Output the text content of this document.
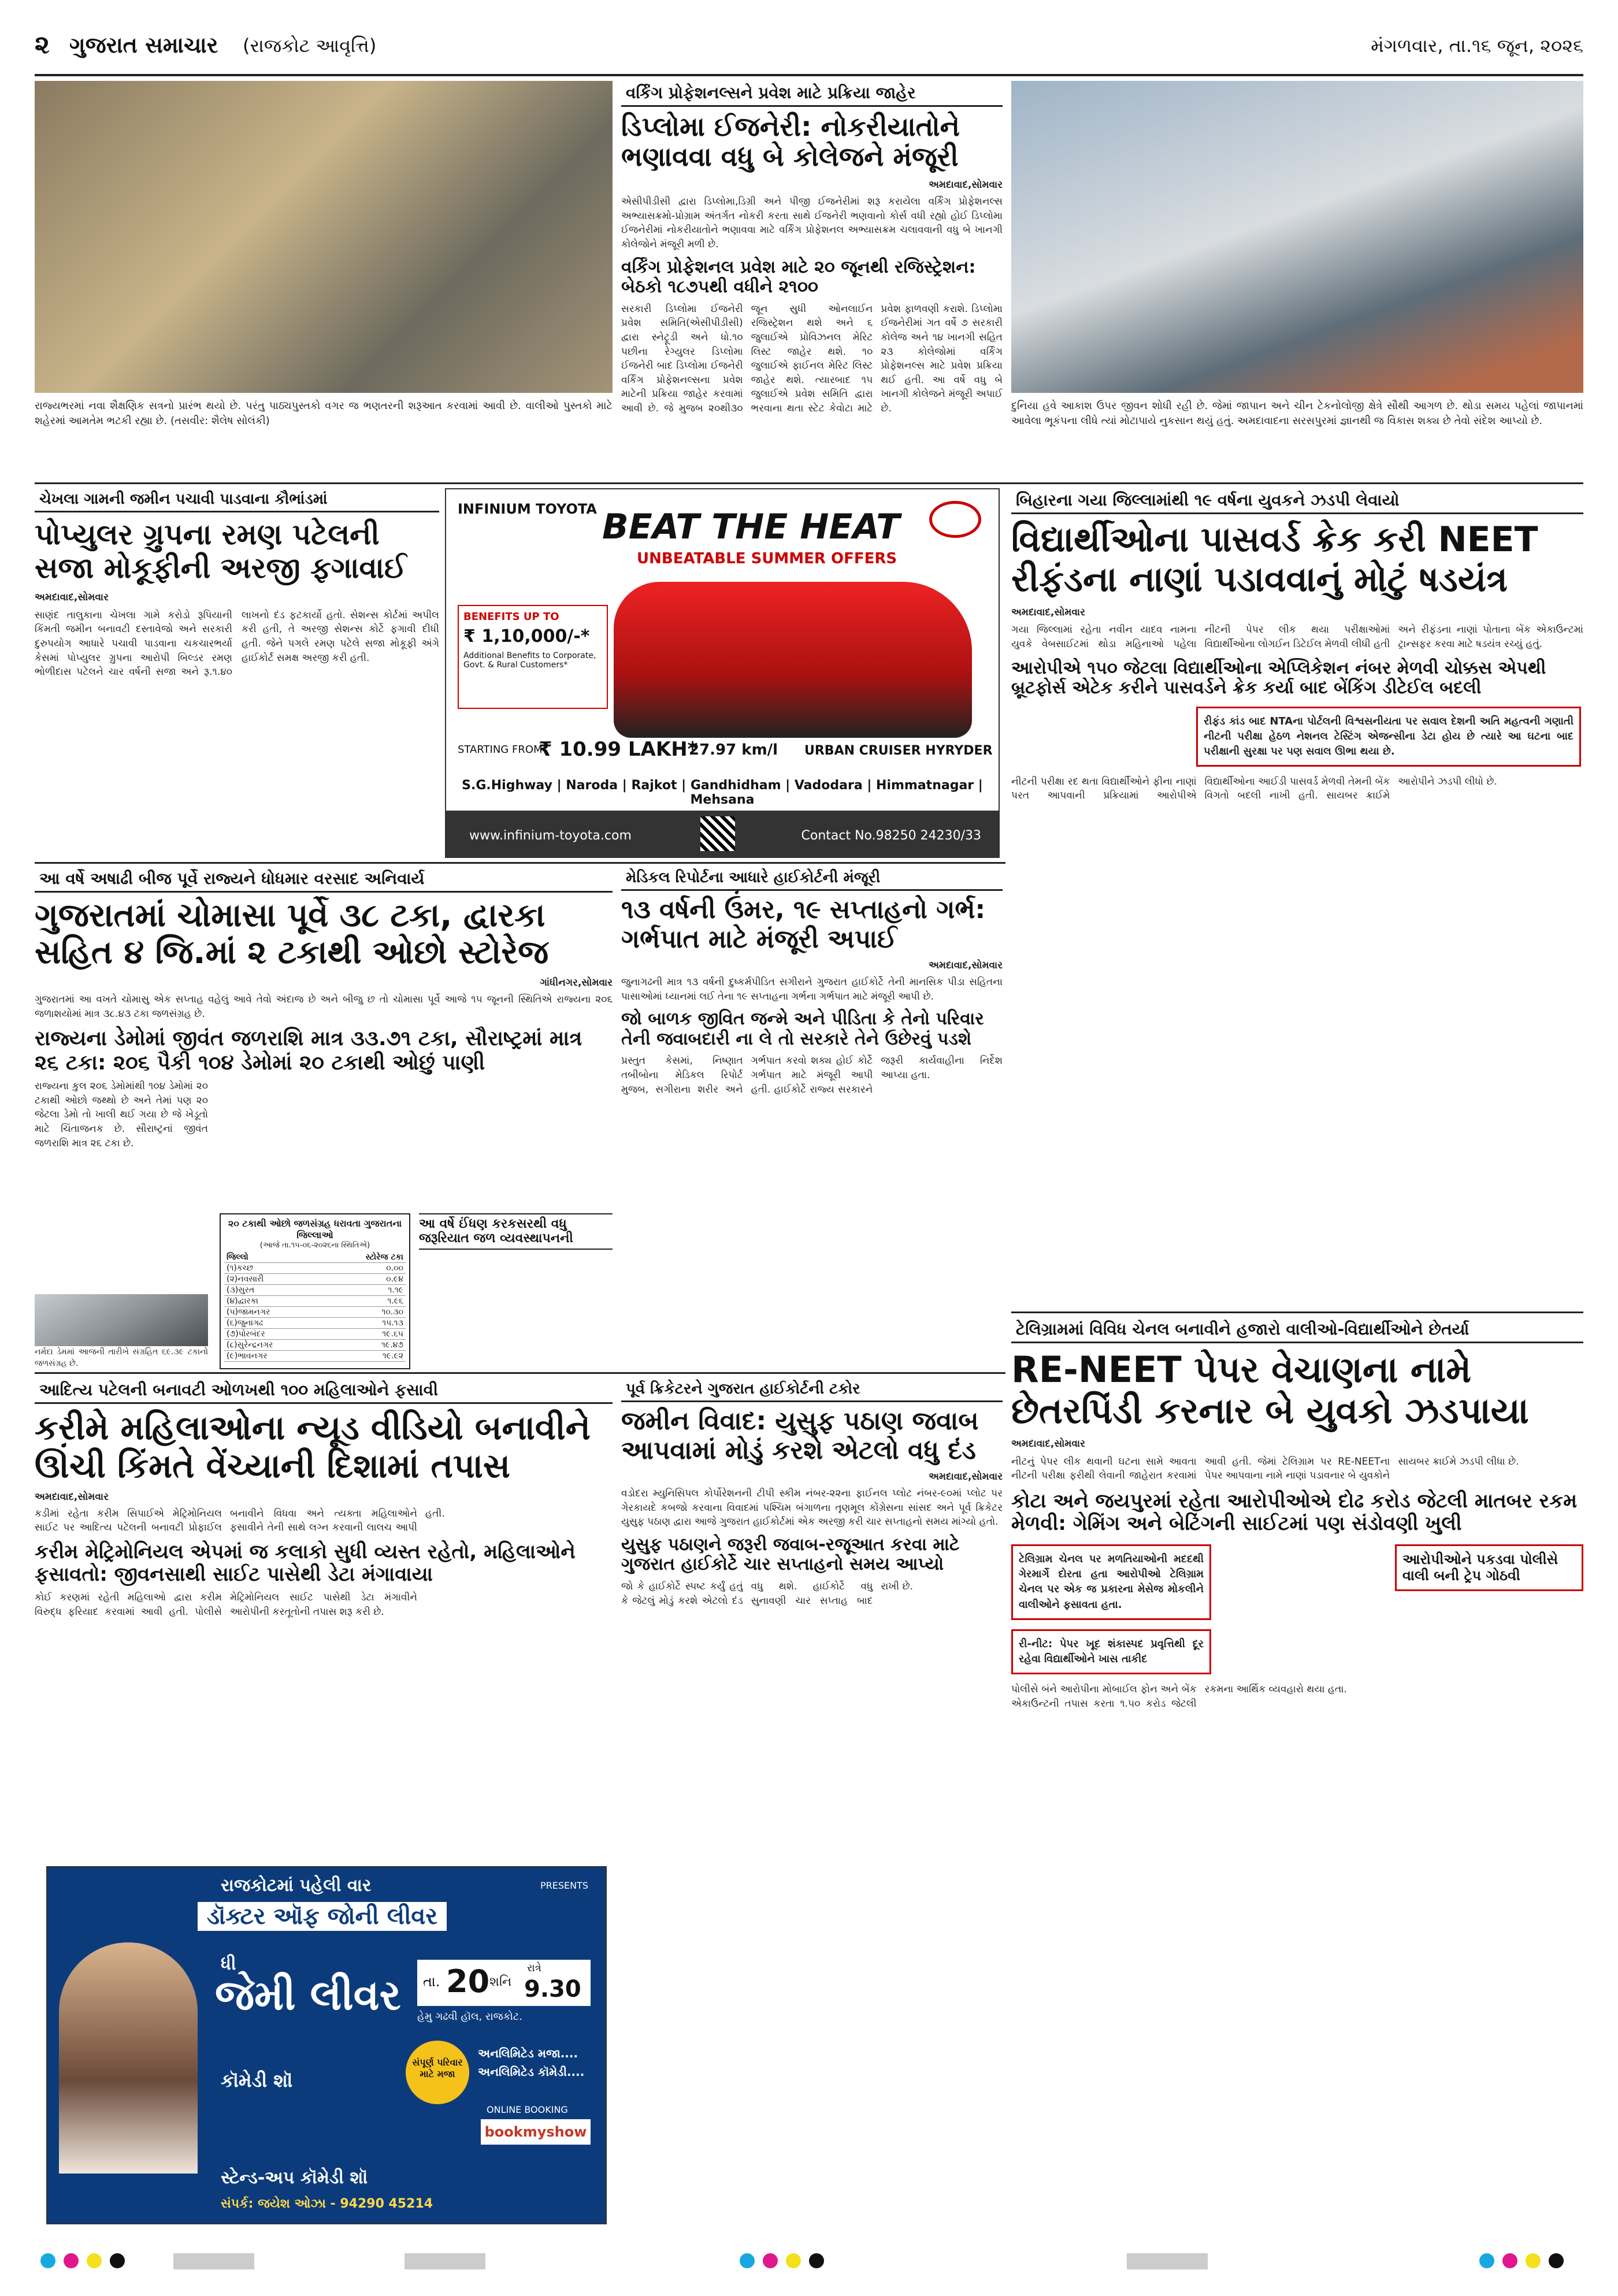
૨ ગુજરાત સમાચાર (રાજકોટ આવૃત્તિ)	મંગળવાર, તા.૧૬ જૂન, ૨૦૨૬
રાજ્યભરમાં નવા શૈક્ષણિક સત્રનો પ્રારંભ થયો છે. પરંતુ પાઠ્યપુસ્તકો વગર જ ભણતરની શરૂઆત કરવામાં આવી છે. વાલીઓ પુસ્તકો માટે શહેરમાં આમતેમ ભટકી રહ્યા છે. (તસવીર: શૈલેષ સોલંકી)
વર્કિંગ પ્રોફેશનલ્સને પ્રવેશ માટે પ્રક્રિયા જાહેર
ડિપ્લોમા ઈજનેરી: નોકરીયાતોને ભણાવવા વધુ બે કોલેજને મંજૂરી
અમદાવાદ,સોમવાર
એસીપીડીસી દ્વારા ડિપ્લોમા,ડિગ્રી અને પીજી ઈજનેરીમાં શરૂ કરાયેલા વર્કિંગ પ્રોફેશનલ્સ અભ્યાસક્રમો-પ્રોગ્રામ અંતર્ગત નોકરી કરતા સાથે ઈજનેરી ભણવાનો કોર્સ વધી રહ્યો હોઈ ડિપ્લોમા ઈજનેરીમાં નોકરીયાતોને ભણાવવા માટે વર્કિંગ પ્રોફેશનલ અભ્યાસક્રમ ચલાવવાની વધુ બે ખાનગી કોલેજોને મંજૂરી મળી છે.
વર્કિંગ પ્રોફેશનલ પ્રવેશ માટે ૨૦ જૂનથી રજિસ્ટ્રેશન: બેઠકો ૧૮૭૫થી વધીને ૨૧૦૦
સરકારી ડિપ્લોમા ઈજનેરી પ્રવેશ સમિતિ(એસીપીડીસી) દ્વારા સ્નેટ્રૂડી અને ધો.૧૦ પછીના રેગ્યુલર ડિપ્લોમા ઈજનેરી બાદ ડિપ્લોમા ઈજનેરી વર્કિંગ પ્રોફેશનલ્સના પ્રવેશ માટેની પ્રક્રિયા જાહેર કરવામાં આવી છે. જે મુજબ ૨૦થી૩૦ જૂન સુધી ઓનલાઈન રજિસ્ટ્રેશન થશે અને ૬ જુલાઈએ પ્રોવિઝનલ મેરિટ લિસ્ટ જાહેર થશે. ૧૦ જુલાઈએ ફાઈનલ મેરિટ લિસ્ટ જાહેર થશે. ત્યારબાદ ૧૫ જુલાઈએ પ્રવેશ સમિતિ દ્વારા ભરવાના થતા સ્ટેટ કેવોટા માટે પ્રવેશ ફાળવણી કરાશે. ડિપ્લોમા ઈજનેરીમાં ગત વર્ષે ૭ સરકારી કોલેજ અને ૧૪ ખાનગી સહિત ૨૩ કોલેજોમાં વર્કિંગ પ્રોફેશનલ્સ માટે પ્રવેશ પ્રક્રિયા થઈ હતી. આ વર્ષે વધુ બે ખાનગી કોલેજને મંજૂરી અપાઈ છે.	દુનિયા હવે આકાશ ઉપર જીવન શોધી રહી છે. જેમાં જાપાન અને ચીન ટેકનોલોજી ક્ષેત્રે સૌથી આગળ છે. થોડા સમય પહેલાં જાપાનમાં આવેલા ભૂકંપના લીધે ત્યાં મોટાપાયે નુકસાન થયું હતું. અમદાવાદના સરસપુરમાં જ્ઞાનથી જ વિકાસ શક્ય છે તેવો સંદેશ આપ્યો છે.
ચેખલા ગામની જમીન પચાવી પાડવાના કૌભાંડમાં
પોપ્યુલર ગ્રુપના રમણ પટેલની સજા મોકૂફીની અરજી ફગાવાઈ
અમદાવાદ,સોમવાર
સાણંદ તાલુકાના ચેખલા ગામે કરોડો રૂપિયાની કિંમતી જમીન બનાવટી દસ્તાવેજો અને સરકારી દુરુપયોગ આધારે પચાવી પાડવાના ચકચારભર્યા કેસમાં પોપ્યુલર ગ્રુપના આરોપી બિલ્ડર રમણ ભોળીદાસ પટેલને ચાર વર્ષની સજા અને રૂ.૧.૪૦ લાખનો દંડ ફટકાર્યો હતો. સેશન્સ કોર્ટમાં અપીલ કરી હતી, તે અરજી સેશન્સ કોર્ટે ફગાવી દીધી હતી. જેને પગલે રમણ પટેલે સજા મોકૂફી અંગે હાઈકોર્ટ સમક્ષ અરજી કરી હતી.
INFINIUM TOYOTA BEAT THE HEAT
UNBEATABLE SUMMER OFFERS
BENEFITS UP TO
₹ 1,10,000/-*
Additional Benefits to Corporate, Govt. & Rural Customers*
STARTING FROM
₹ 10.99 LAKH*
27.97 km/l URBAN CRUISER HYRYDER
S.G.Highway | Naroda | Rajkot | Gandhidham | Vadodara | Himmatnagar | Mehsana
www.infinium-toyota.com	Contact No.98250 24230/33
બિહારના ગયા જિલ્લામાંથી ૧૯ વર્ષના યુવકને ઝડપી લેવાયો
વિદ્યાર્થીઓના પાસવર્ડ ક્રેક કરી NEET રીફંડના નાણાં પડાવવાનું મોટું ષડયંત્ર
અમદાવાદ,સોમવાર
ગયા જિલ્લામાં રહેતા નવીન યાદવ નામના યુવકે વેબસાઈટમાં થોડા મહિનાઓ પહેલા નીટની પેપર લીક થયા પરીક્ષાઓમાં વિદ્યાર્થીઓના લોગઈન ડિટેઈલ મેળવી લીધી હતી અને રીફંડના નાણાં પોતાના બેંક એકાઉન્ટમાં ટ્રાન્સફર કરવા માટે ષડયંત્ર રચ્યું હતું.
આરોપીએ ૧૫૦ જેટલા વિદ્યાર્થીઓના એપ્લિકેશન નંબર મેળવી ચોક્કસ એપથી બ્રૂટફોર્સ એટેક કરીને પાસવર્ડને ક્રેક કર્યા બાદ બેંકિંગ ડીટેઈલ બદલી
રીફંડ કાંડ બાદ NTAના પોર્ટલની વિશ્વસનીયતા પર સવાલ દેશની અતિ મહત્વની ગણાતી નીટની પરીક્ષા હેઠળ નેશનલ ટેસ્ટિંગ એજન્સીના ડેટા હોય છે ત્યારે આ ઘટના બાદ પરીક્ષાની સુરક્ષા પર પણ સવાલ ઊભા થયા છે.
નીટની પરીક્ષા રદ થતા વિદ્યાર્થીઓને ફીના નાણાં પરત આપવાની પ્રક્રિયામાં આરોપીએ વિદ્યાર્થીઓના આઈડી પાસવર્ડ મેળવી તેમની બેંક વિગતો બદલી નાખી હતી. સાયબર ક્રાઈમે આરોપીને ઝડપી લીધો છે.
આ વર્ષે અષાઢી બીજ પૂર્વે રાજ્યને ધોધમાર વરસાદ અનિવાર્ય
ગુજરાતમાં ચોમાસા પૂર્વે ૩૮ ટકા, દ્વારકા સહિત ૪ જિ.માં ૨ ટકાથી ઓછો સ્ટોરેજ
ગાંધીનગર,સોમવાર
ગુજરાતમાં આ વખતે ચોમાસુ એક સપ્તાહ વહેલું આવે તેવો અંદાજ છે અને બીજુ છ તો ચોમાસા પૂર્વે આજે ૧૫ જૂનની સ્થિતિએ રાજ્યના ૨૦૬ જળાશયોમાં માત્ર ૩૮.૪૩ ટકા જળસંગ્રહ છે.
રાજ્યના ડેમોમાં જીવંત જળરાશિ માત્ર ૩૩.૭૧ ટકા, સૌરાષ્ટ્રમાં માત્ર ૨૬ ટકા: ૨૦૬ પૈકી ૧૦૪ ડેમોમાં ૨૦ ટકાથી ઓછું પાણી
રાજ્યના કુલ ૨૦૬ ડેમોમાંથી ૧૦૪ ડેમોમાં ૨૦ ટકાથી ઓછો જથ્થો છે અને તેમાં પણ ૨૦ જેટલા ડેમો તો ખાલી થઈ ગયા છે જે ખેડૂતો માટે ચિંતાજનક છે. સૌરાષ્ટ્રનાં જીવંત જળરાશિ માત્ર ૨૬ ટકા છે.
૨૦ ટકાથી ઓછો જળસંગ્રહ ધરાવતા ગુજરાતના જિલ્લાઓ
(આજે તા.૧૫-૦૬-૨૦૨૬ના સ્થિતિએ)
જિલ્લો	સ્ટોરેજ ટકા
(૧)કચ્છ	૦.૦૦
(૨)નવસારી	૦.૯૪
(૩)સુરત	૧.૧૯
(૪)દ્વારકા	૧.૯૬
(૫)જામનગર	૧૦.૩૦
(૬)જુનાગઢ	૧૫.૧૩
(૭)પોરબંદર	૧૯.૬૫
(૮)સુરેન્દ્રનગર	૧૯.૪૭
(૯)ભાવનગર	૧૯.૯૨
આ વર્ષે ઈંધણ કરકસરથી વધુ જરૂરિયાત જળ વ્યવસ્થાપનની
નર્મદા ડેમમાં આજની તારીખે સંગ્રહિત ૬૯.૩૯ ટકાનો જળસંગ્રહ છે.
મેડિકલ રિપોર્ટના આધારે હાઈકોર્ટની મંજૂરી
૧૩ વર્ષની ઉંમર, ૧૯ સપ્તાહનો ગર્ભ: ગર્ભપાત માટે મંજૂરી અપાઈ
અમદાવાદ,સોમવાર
જુનાગઢની માત્ર ૧૩ વર્ષની દુષ્કર્મપીડિત સગીરાને ગુજરાત હાઈકોર્ટે તેની માનસિક પીડા સહિતના પાસાઓમાં ધ્યાનમાં લઈ તેના ૧૯ સપ્તાહના ગર્ભના ગર્ભપાત માટે મંજૂરી આપી છે.
જો બાળક જીવિત જન્મે અને પીડિતા કે તેનો પરિવાર તેની જવાબદારી ના લે તો સરકારે તેને ઉછેરવું પડશે
પ્રસ્તુત કેસમાં, નિષ્ણાત તબીબોના મેડિકલ રિપોર્ટ મુજબ, સગીરાના શરીર અને ગર્ભપાત કરવો શક્ય હોઈ કોર્ટે ગર્ભપાત માટે મંજૂરી આપી હતી. હાઈકોર્ટે રાજ્ય સરકારને જરૂરી કાર્યવાહીના નિર્દેશ આપ્યા હતા.
ટેલિગ્રામમાં વિવિધ ચેનલ બનાવીને હજારો વાલીઓ-વિદ્યાર્થીઓને છેતર્યા
RE-NEET પેપર વેચાણના નામે છેતરપિંડી કરનાર બે યુવકો ઝડપાયા
અમદાવાદ,સોમવાર
નીટનું પેપર લીક થવાની ઘટના સામે આવતા નીટની પરીક્ષા ફરીથી લેવાની જાહેરાત કરવામાં આવી હતી. જેમાં ટેલિગ્રામ પર RE-NEETના પેપર આપવાના નામે નાણાં પડાવનાર બે યુવકોને સાયબર ક્રાઈમે ઝડપી લીધા છે.
કોટા અને જયપુરમાં રહેતા આરોપીઓએ દોઢ કરોડ જેટલી માતબર રકમ મેળવી: ગેમિંગ અને બેટિંગની સાઈટમાં પણ સંડોવણી ખુલી
ટેલિગ્રામ ચેનલ પર મળતિયાઓની મદદથી ગેરમાર્ગે દોરતા હતા આરોપીઓ ટેલિગ્રામ ચેનલ પર એક જ પ્રકારના મેસેજ મોકલીને વાલીઓને ફસાવતા હતા.
આરોપીઓને પકડવા પોલીસે વાલી બની ટ્રેપ ગોઠવી
રી-નીટ: પેપર ખૂદ શંકાસ્પદ પ્રવૃત્તિથી દૂર રહેવા વિદ્યાર્થીઓને ખાસ તાકીદ
પોલીસે બંને આરોપીના મોબાઈલ ફોન અને બેંક એકાઉન્ટની તપાસ કરતા ૧.૫૦ કરોડ જેટલી રકમના આર્થિક વ્યવહારો થયા હતા.
આદિત્ય પટેલની બનાવટી ઓળખથી ૧૦૦ મહિલાઓને ફસાવી
કરીમે મહિલાઓના ન્યૂડ વીડિયો બનાવીને ઊંચી કિંમતે વેંચ્યાની દિશામાં તપાસ
અમદાવાદ,સોમવાર
કડીમાં રહેતા કરીમ સિપાઈએ મેટ્રિમોનિયલ સાઈટ પર આદિત્ય પટેલની બનાવટી પ્રોફાઈલ બનાવીને વિધવા અને ત્યક્તા મહિલાઓને ફસાવીને તેની સાથે લગ્ન કરવાની લાલચ આપી હતી.
કરીમ મેટ્રિમોનિયલ એપમાં જ કલાકો સુધી વ્યસ્ત રહેતો, મહિલાઓને ફસાવતો: જીવનસાથી સાઈટ પાસેથી ડેટા મંગાવાયા
કોઈ કરણમાં રહેતી મહિલાઓ દ્વારા કરીમ વિરુદ્ધ ફરિયાદ કરવામાં આવી હતી. પોલીસે મેટ્રિમોનિયલ સાઈટ પાસેથી ડેટા મંગાવીને આરોપીની કરતૂતોની તપાસ શરૂ કરી છે.
પૂર્વ ક્રિકેટરને ગુજરાત હાઈકોર્ટની ટકોર
જમીન વિવાદ: યુસુફ પઠાણ જવાબ આપવામાં મોડું કરશે એટલો વધુ દંડ
અમદાવાદ,સોમવાર
વડોદરા મ્યુનિસિપલ કોર્પોરેશનની ટીપી સ્કીમ નંબર-૨૨ના ફાઈનલ પ્લોટ નંબર-૯૦માં પ્લોટ પર ગેરકાયદે કબજો કરવાના વિવાદમાં પશ્ચિમ બંગાળના તૃણમૂલ કોંગ્રેસના સાંસદ અને પૂર્વ ક્રિકેટર યુસુફ પઠાણ દ્વારા આજે ગુજરાત હાઈકોર્ટમાં એક અરજી કરી ચાર સપ્તાહનો સમય માંગ્યો હતો.
યુસુફ પઠાણને જરૂરી જવાબ-રજૂઆત કરવા માટે ગુજરાત હાઈકોર્ટે ચાર સપ્તાહનો સમય આપ્યો
જો કે હાઈકોર્ટે સ્પષ્ટ કર્યું હતું કે જેટલું મોડું કરશે એટલો દંડ વધુ થશે. હાઈકોર્ટે વધુ સુનાવણી ચાર સપ્તાહ બાદ રાખી છે.
રાજકોટમાં પહેલી વાર	PRESENTS
ડૉક્ટર ઑફ જોની લીવર
ધી
જેમી લીવર
કૉમેડી શૉ
તા. 20 શનિ
રાત્રે
9.30
હેમુ ગઢવી હૉલ, રાજકોટ.
સંપૂર્ણ પરિવાર માટે મજા
અનલિમિટેડ મજા....
અનલિમિટેડ કૉમેડી....
ONLINE BOOKING
bookmyshow
સ્ટેન્ડ-અપ કૉમેડી શૉ
સંપર્ક: જયેશ ઓઝા - 94290 45214
